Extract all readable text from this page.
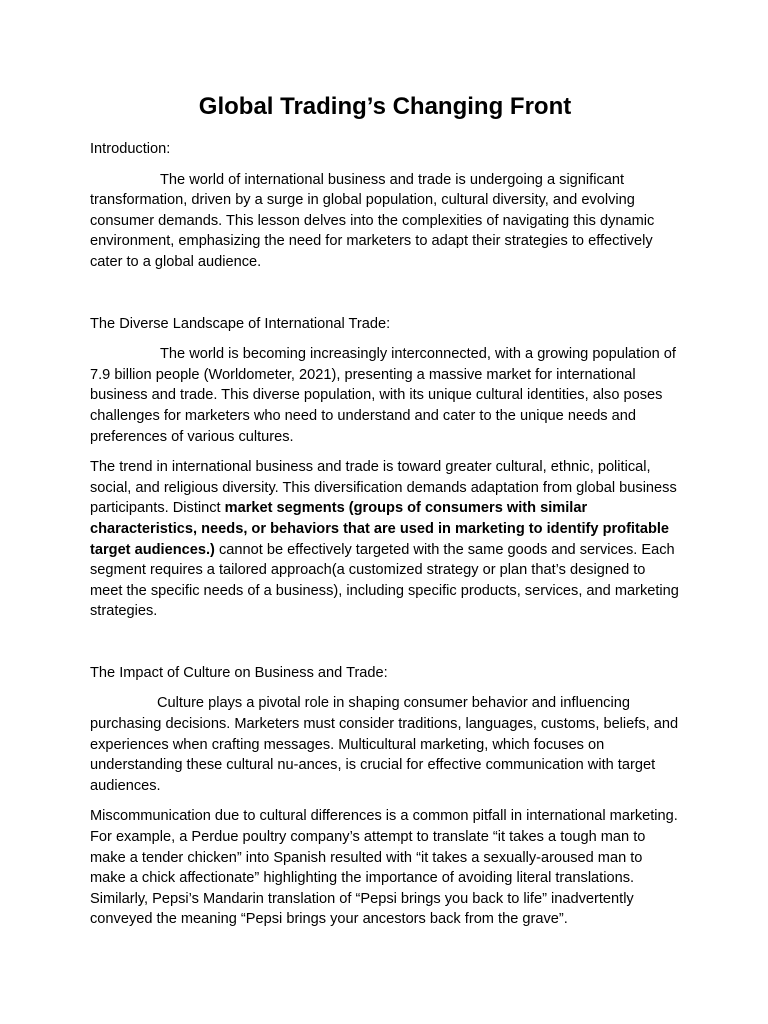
Global Trading’s Changing Front

Introduction:

The world of international business and trade is undergoing a significant transformation, driven by a surge in global population, cultural diversity, and evolving consumer demands. This lesson delves into the complexities of navigating this dynamic environment, emphasizing the need for marketers to adapt their strategies to effectively cater to a global audience.

The Diverse Landscape of International Trade:

The world is becoming increasingly interconnected, with a growing population of 7.9 billion people (Worldometer, 2021), presenting a massive market for international business and trade. This diverse population, with its unique cultural identities, also poses challenges for marketers who need to understand and cater to the unique needs and preferences of various cultures.

The trend in international business and trade is toward greater cultural, ethnic, political, social, and religious diversity. This diversification demands adaptation from global business participants. Distinct market segments (groups of consumers with similar characteristics, needs, or behaviors that are used in marketing to identify profitable target audiences.) cannot be effectively targeted with the same goods and services. Each segment requires a tailored approach(a customized strategy or plan that’s designed to meet the specific needs of a business), including specific products, services, and marketing strategies.

The Impact of Culture on Business and Trade:

Culture plays a pivotal role in shaping consumer behavior and influencing purchasing decisions. Marketers must consider traditions, languages, customs, beliefs, and experiences when crafting messages. Multicultural marketing, which focuses on understanding these cultural nu-ances, is crucial for effective communication with target audiences.

Miscommunication due to cultural differences is a common pitfall in international marketing. For example, a Perdue poultry company’s attempt to translate “it takes a tough man to make a tender chicken” into Spanish resulted with “it takes a sexually-aroused man to make a chick affectionate” highlighting the importance of avoiding literal translations. Similarly, Pepsi’s Mandarin translation of “Pepsi brings you back to life” inadvertently conveyed the meaning “Pepsi brings your ancestors back from the grave”.
